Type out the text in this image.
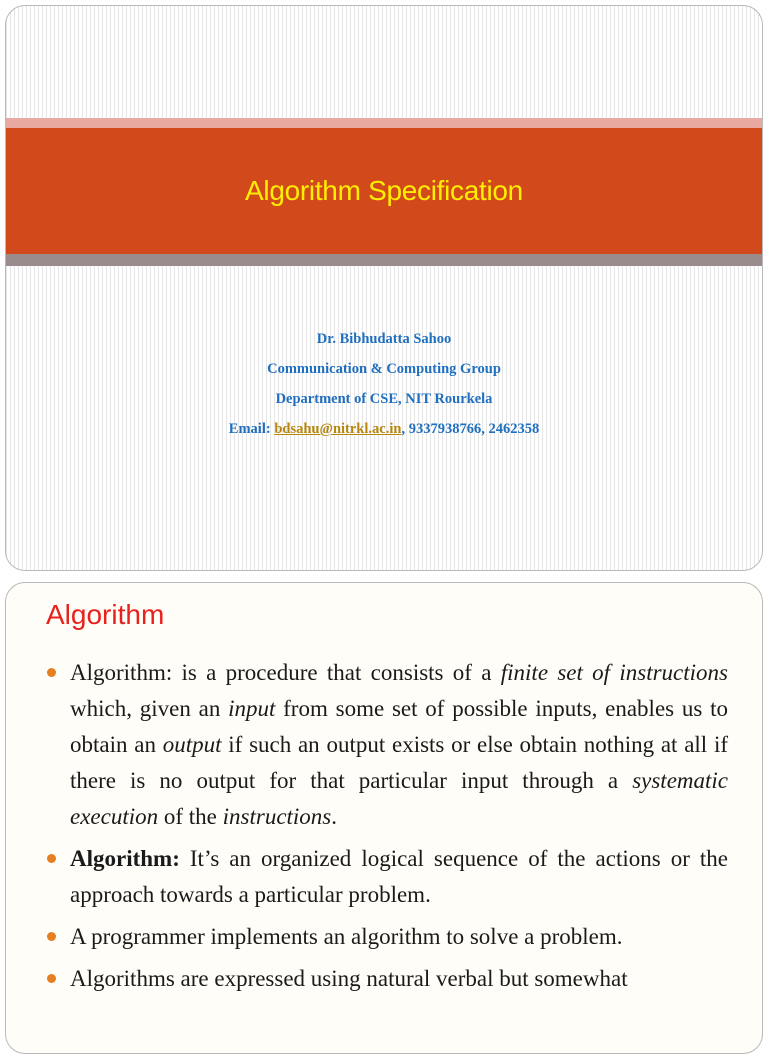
Algorithm Specification
Dr. Bibhudatta Sahoo
Communication & Computing Group
Department of CSE, NIT Rourkela
Email: bdsahu@nitrkl.ac.in, 9337938766, 2462358
Algorithm
Algorithm: is a procedure that consists of a finite set of instructions which, given an input from some set of possible inputs, enables us to obtain an output if such an output exists or else obtain nothing at all if there is no output for that particular input through a systematic execution of the instructions.
Algorithm: It’s an organized logical sequence of the actions or the approach towards a particular problem.
A programmer implements an algorithm to solve a problem.
Algorithms are expressed using natural verbal but somewhat
